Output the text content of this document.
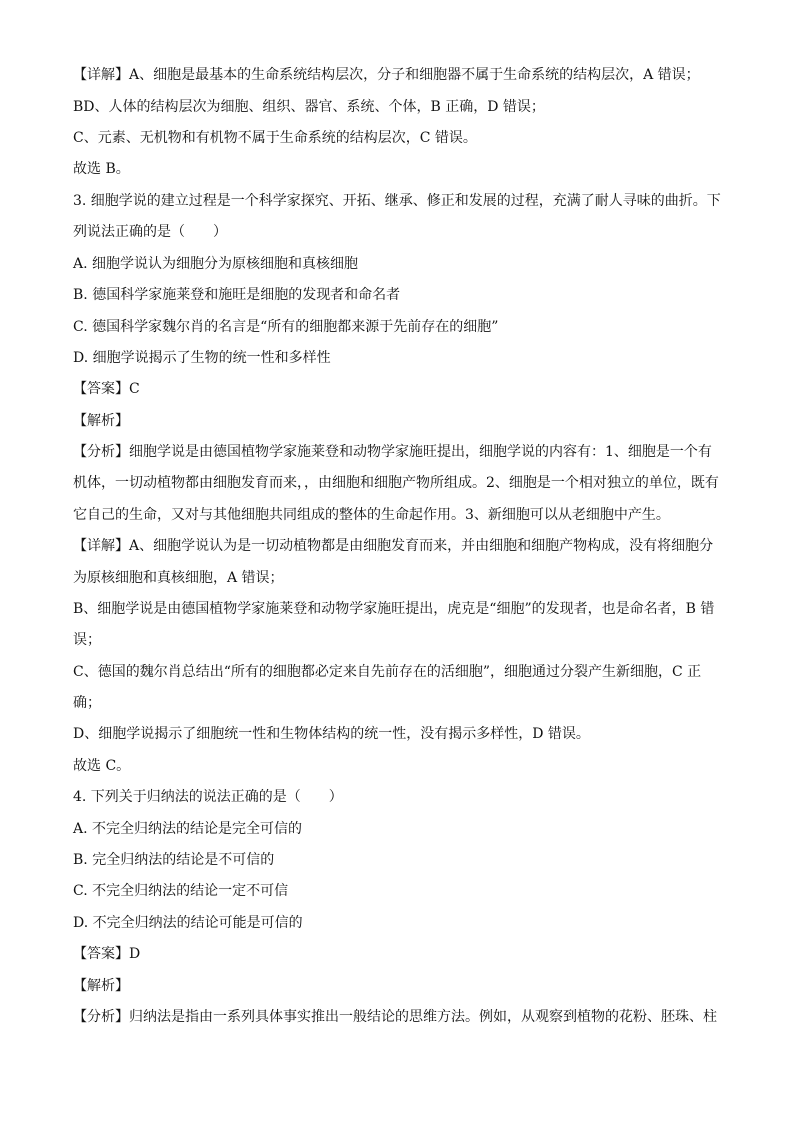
【详解】A、细胞是最基本的生命系统结构层次，分子和细胞器不属于生命系统的结构层次，A 错误；
BD、人体的结构层次为细胞、组织、器官、系统、个体，B 正确，D 错误；
C、元素、无机物和有机物不属于生命系统的结构层次，C 错误。
故选 B。
3. 细胞学说的建立过程是一个科学家探究、开拓、继承、修正和发展的过程，充满了耐人寻味的曲折。下
列说法正确的是（　　）
A. 细胞学说认为细胞分为原核细胞和真核细胞
B. 德国科学家施莱登和施旺是细胞的发现者和命名者
C. 德国科学家魏尔肖的名言是“所有的细胞都来源于先前存在的细胞”
D. 细胞学说揭示了生物的统一性和多样性
【答案】C
【解析】
【分析】细胞学说是由德国植物学家施莱登和动物学家施旺提出，细胞学说的内容有：1、细胞是一个有
机体，一切动植物都由细胞发育而来，，由细胞和细胞产物所组成。2、细胞是一个相对独立的单位，既有
它自己的生命，又对与其他细胞共同组成的整体的生命起作用。3、新细胞可以从老细胞中产生。
【详解】A、细胞学说认为是一切动植物都是由细胞发育而来，并由细胞和细胞产物构成，没有将细胞分
为原核细胞和真核细胞，A 错误；
B、细胞学说是由德国植物学家施莱登和动物学家施旺提出，虎克是“细胞”的发现者，也是命名者，B 错
误；
C、德国的魏尔肖总结出“所有的细胞都必定来自先前存在的活细胞”，细胞通过分裂产生新细胞，C 正
确；
D、细胞学说揭示了细胞统一性和生物体结构的统一性，没有揭示多样性，D 错误。
故选 C。
4. 下列关于归纳法的说法正确的是（　　）
A. 不完全归纳法的结论是完全可信的
B. 完全归纳法的结论是不可信的
C. 不完全归纳法的结论一定不可信
D. 不完全归纳法的结论可能是可信的
【答案】D
【解析】
【分析】归纳法是指由一系列具体事实推出一般结论的思维方法。例如，从观察到植物的花粉、胚珠、柱
